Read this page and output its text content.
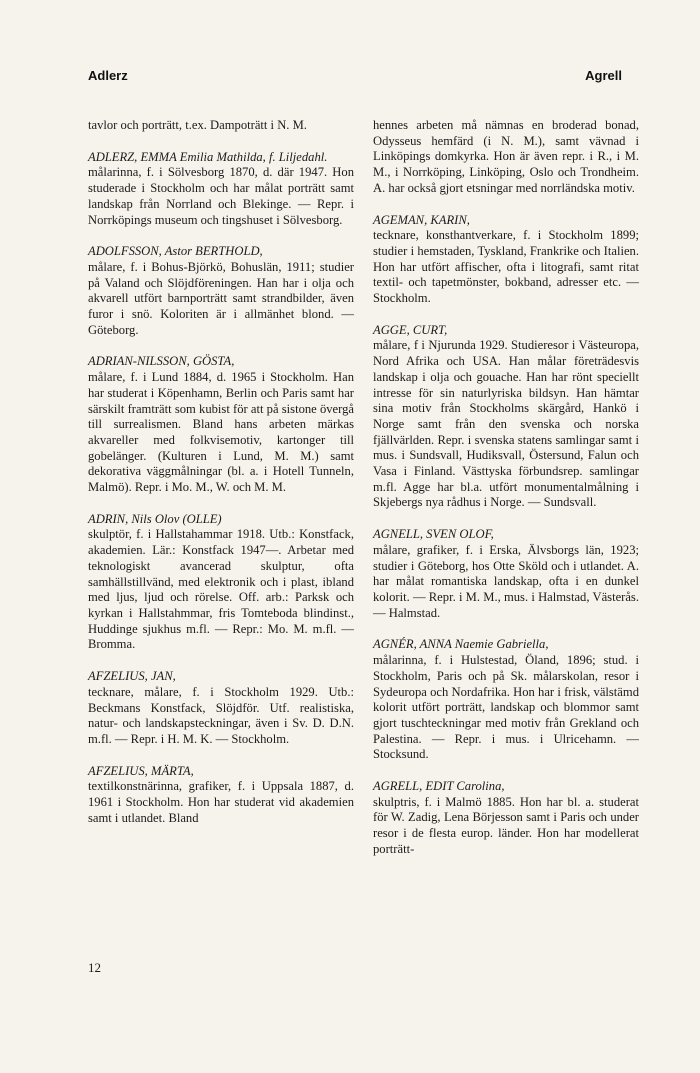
Adlerz	Agrell

tavlor och porträtt, t.ex. Dampoträtt i N. M.

ADLERZ, EMMA Emilia Mathilda, f. Liljedahl.

målarinna, f. i Sölvesborg 1870, d. där 1947. Hon studerade i Stockholm och har målat porträtt samt landskap från Norrland och Blekinge. — Repr. i Norrköpings museum och tingshuset i Sölvesborg.

ADOLFSSON, Astor BERTHOLD,

målare, f. i Bohus-Björkö, Bohuslän, 1911; studier på Valand och Slöjdföreningen. Han har i olja och akvarell utfört barnporträtt samt strandbilder, även furor i snö. Koloriten är i allmänhet blond. — Göteborg.

ADRIAN-NILSSON, GÖSTA,

målare, f. i Lund 1884, d. 1965 i Stockholm. Han har studerat i Köpenhamn, Berlin och Paris samt har särskilt framträtt som kubist för att på sistone övergå till surrealismen. Bland hans arbeten märkas akvareller med folkvisemotiv, kartonger till gobelänger. (Kulturen i Lund, M. M.) samt dekorativa väggmålningar (bl. a. i Hotell Tunneln, Malmö). Repr. i Mo. M., W. och M. M.

ADRIN, Nils Olov (OLLE)

skulptör, f. i Hallstahammar 1918. Utb.: Konstfack, akademien. Lär.: Konstfack 1947—. Arbetar med teknologiskt avancerad skulptur, ofta samhällstillvänd, med elektronik och i plast, ibland med ljus, ljud och rörelse. Off. arb.: Parksk och kyrkan i Hallstahmmar, fris Tomteboda blindinst., Huddinge sjukhus m.fl. — Repr.: Mo. M. m.fl. —Bromma.

AFZELIUS, JAN,

tecknare, målare, f. i Stockholm 1929. Utb.: Beckmans Konstfack, Slöjdför. Utf. realistiska, natur- och landskapsteckningar, även i Sv. D. D.N. m.fl. — Repr. i H. M. K. — Stockholm.

AFZELIUS, MÄRTA,

textilkonstnärinna, grafiker, f. i Uppsala 1887, d. 1961 i Stockholm. Hon har studerat vid akademien samt i utlandet. Bland

hennes arbeten må nämnas en broderad bonad, Odysseus hemfärd (i N. M.), samt vävnad i Linköpings domkyrka. Hon är även repr. i R., i M. M., i Norrköping, Linköping, Oslo och Trondheim. A. har också gjort etsningar med norrländska motiv.

AGEMAN, KARIN,

tecknare, konsthantverkare, f. i Stockholm 1899; studier i hemstaden, Tyskland, Frankrike och Italien. Hon har utfört affischer, ofta i litografi, samt ritat textil- och tapetmönster, bokband, adresser etc. — Stockholm.

AGGE, CURT,

målare, f i Njurunda 1929. Studieresor i Västeuropa, Nord Afrika och USA. Han målar företrädesvis landskap i olja och gouache. Han har rönt speciellt intresse för sin naturlyriska bildsyn. Han hämtar sina motiv från Stockholms skärgård, Hankö i Norge samt från den svenska och norska fjällvärlden. Repr. i svenska statens samlingar samt i mus. i Sundsvall, Hudiksvall, Östersund, Falun och Vasa i Finland. Västtyska förbundsrep. samlingar m.fl. Agge har bl.a. utfört monumentalmålning i Skjebergs nya rådhus i Norge. — Sundsvall.

AGNELL, SVEN OLOF,

målare, grafiker, f. i Erska, Älvsborgs län, 1923; studier i Göteborg, hos Otte Sköld och i utlandet. A. har målat romantiska landskap, ofta i en dunkel kolorit. — Repr. i M. M., mus. i Halmstad, Västerås. — Halmstad.

AGNÉR, ANNA Naemie Gabriella,

målarinna, f. i Hulstestad, Öland, 1896; stud. i Stockholm, Paris och på Sk. målarskolan, resor i Sydeuropa och Nordafrika. Hon har i frisk, välstämd kolorit utfört porträtt, landskap och blommor samt gjort tuschteckningar med motiv från Grekland och Palestina. — Repr. i mus. i Ulricehamn. — Stocksund.

AGRELL, EDIT Carolina,

skulptris, f. i Malmö 1885. Hon har bl. a. studerat för W. Zadig, Lena Börjesson samt i Paris och under resor i de flesta europ. länder. Hon har modellerat porträtt-

12
